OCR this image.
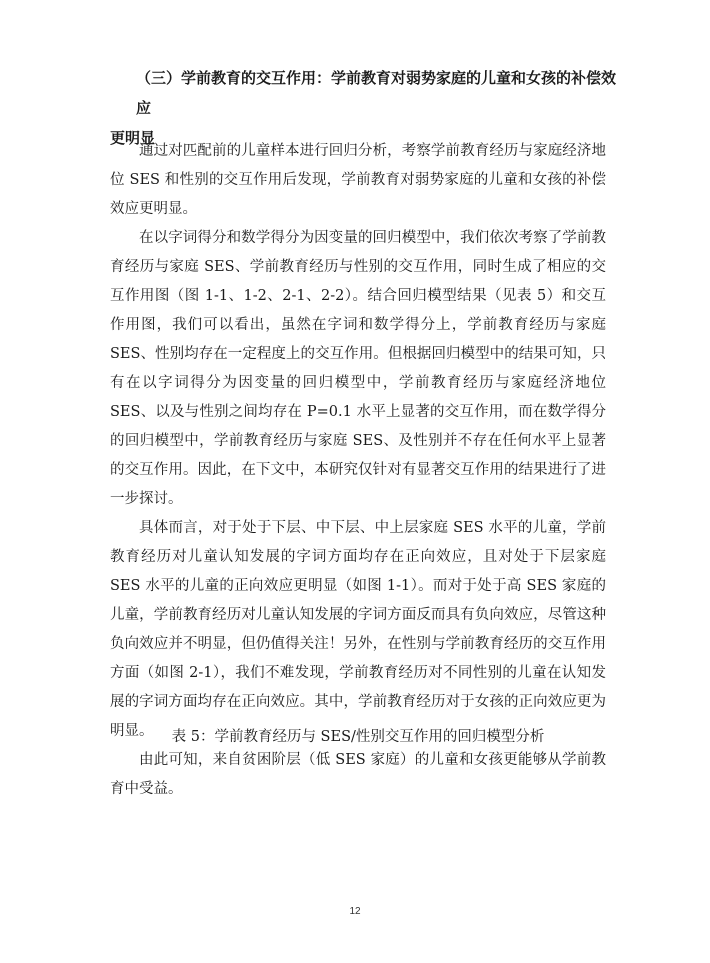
（三）学前教育的交互作用：学前教育对弱势家庭的儿童和女孩的补偿效应
更明显

通过对匹配前的儿童样本进行回归分析，考察学前教育经历与家庭经济地位 SES 和性别的交互作用后发现，学前教育对弱势家庭的儿童和女孩的补偿效应更明显。

在以字词得分和数学得分为因变量的回归模型中，我们依次考察了学前教育经历与家庭 SES、学前教育经历与性别的交互作用，同时生成了相应的交互作用图（图 1-1、1-2、2-1、2-2）。结合回归模型结果（见表 5）和交互作用图，我们可以看出，虽然在字词和数学得分上，学前教育经历与家庭 SES、性别均存在一定程度上的交互作用。但根据回归模型中的结果可知，只有在以字词得分为因变量的回归模型中，学前教育经历与家庭经济地位 SES、以及与性别之间均存在 P=0.1 水平上显著的交互作用，而在数学得分的回归模型中，学前教育经历与家庭 SES、及性别并不存在任何水平上显著的交互作用。因此，在下文中，本研究仅针对有显著交互作用的结果进行了进一步探讨。

具体而言，对于处于下层、中下层、中上层家庭 SES 水平的儿童，学前教育经历对儿童认知发展的字词方面均存在正向效应，且对处于下层家庭 SES 水平的儿童的正向效应更明显（如图 1-1）。而对于处于高 SES 家庭的儿童，学前教育经历对儿童认知发展的字词方面反而具有负向效应，尽管这种负向效应并不明显，但仍值得关注！另外，在性别与学前教育经历的交互作用方面（如图 2-1），我们不难发现，学前教育经历对不同性别的儿童在认知发展的字词方面均存在正向效应。其中，学前教育经历对于女孩的正向效应更为明显。

由此可知，来自贫困阶层（低 SES 家庭）的儿童和女孩更能够从学前教育中受益。

表 5：学前教育经历与 SES/性别交互作用的回归模型分析

12
